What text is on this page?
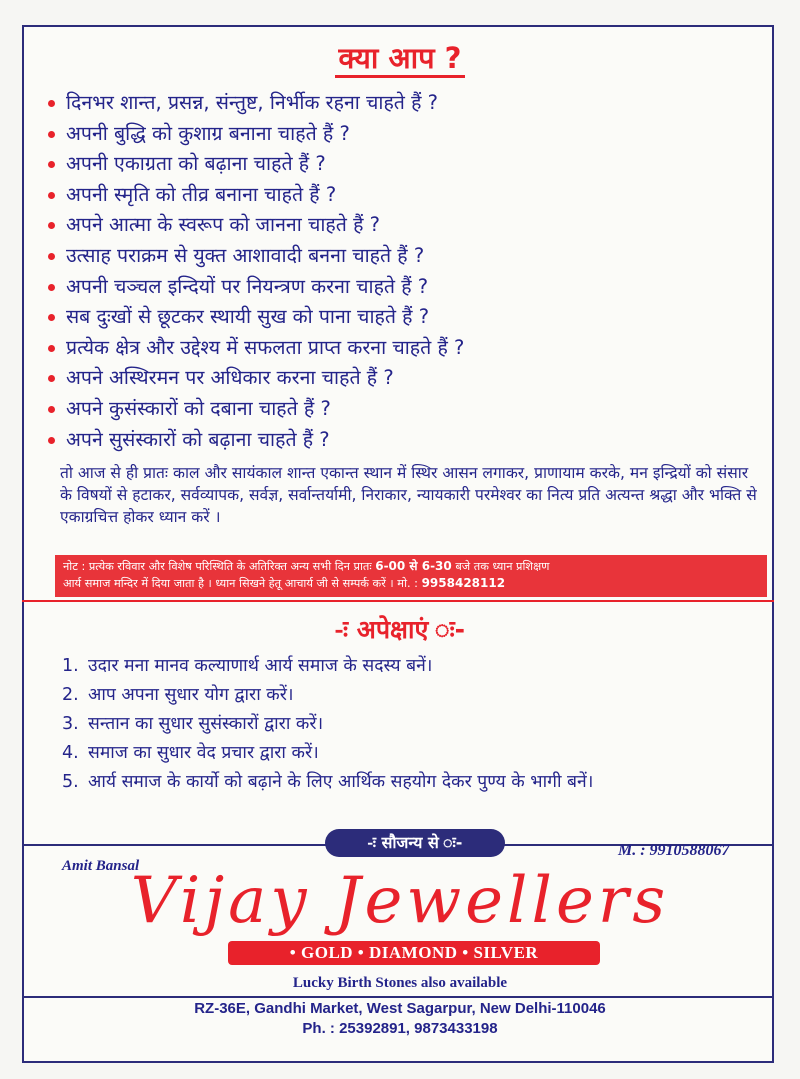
क्या आप ?
दिनभर शान्त, प्रसन्न, संन्तुष्ट, निर्भीक रहना चाहते हैं ?
अपनी बुद्धि को कुशाग्र बनाना चाहते हैं ?
अपनी एकाग्रता को बढ़ाना चाहते हैं ?
अपनी स्मृति को तीव्र बनाना चाहते हैं ?
अपने आत्मा के स्वरूप को जानना चाहते हैं ?
उत्साह पराक्रम से युक्त आशावादी बनना चाहते हैं ?
अपनी चञ्चल इन्दियों पर नियन्त्रण करना चाहते हैं ?
सब दुःखों से छूटकर स्थायी सुख को पाना चाहते हैं ?
प्रत्येक क्षेत्र और उद्देश्य में सफलता प्राप्त करना चाहते हैं ?
अपने अस्थिरमन पर अधिकार करना चाहते हैं ?
अपने कुसंस्कारों को दबाना चाहते हैं ?
अपने सुसंस्कारों को बढ़ाना चाहते हैं ?
तो आज से ही प्रातः काल और सायंकाल शान्त एकान्त स्थान में स्थिर आसन लगाकर, प्राणायाम करके, मन इन्द्रियों को संसार के विषयों से हटाकर, सर्वव्यापक, सर्वज्ञ, सर्वान्तर्यामी, निराकार, न्यायकारी परमेश्वर का नित्य प्रति अत्यन्त श्रद्धा और भक्ति से एकाग्रचित्त होकर ध्यान करें ।
नोट : प्रत्येक रविवार और विशेष परिस्थिति के अतिरिक्त अन्य सभी दिन प्रातः 6-00 से 6-30 बजे तक ध्यान प्रशिक्षण
आर्य समाज मन्दिर में दिया जाता है । ध्यान सिखने हेतू आचार्य जी से सम्पर्क करें । मो. : 9958428112
-ः अपेक्षाएं ः-
1. उदार मना मानव कल्याणार्थ आर्य समाज के सदस्य बनें।
2. आप अपना सुधार योग द्वारा करें।
3. सन्तान का सुधार सुसंस्कारों द्वारा करें।
4. समाज का सुधार वेद प्रचार द्वारा करें।
5. आर्य समाज के कार्यो को बढ़ाने के लिए आर्थिक सहयोग देकर पुण्य के भागी बनें।
-ः सौजन्य से ः-
Amit Bansal
M. : 9910588067
Vijay Jewellers
• GOLD • DIAMOND • SILVER
Lucky Birth Stones also available
RZ-36E, Gandhi Market, West Sagarpur, New Delhi-110046
Ph. : 25392891, 9873433198
